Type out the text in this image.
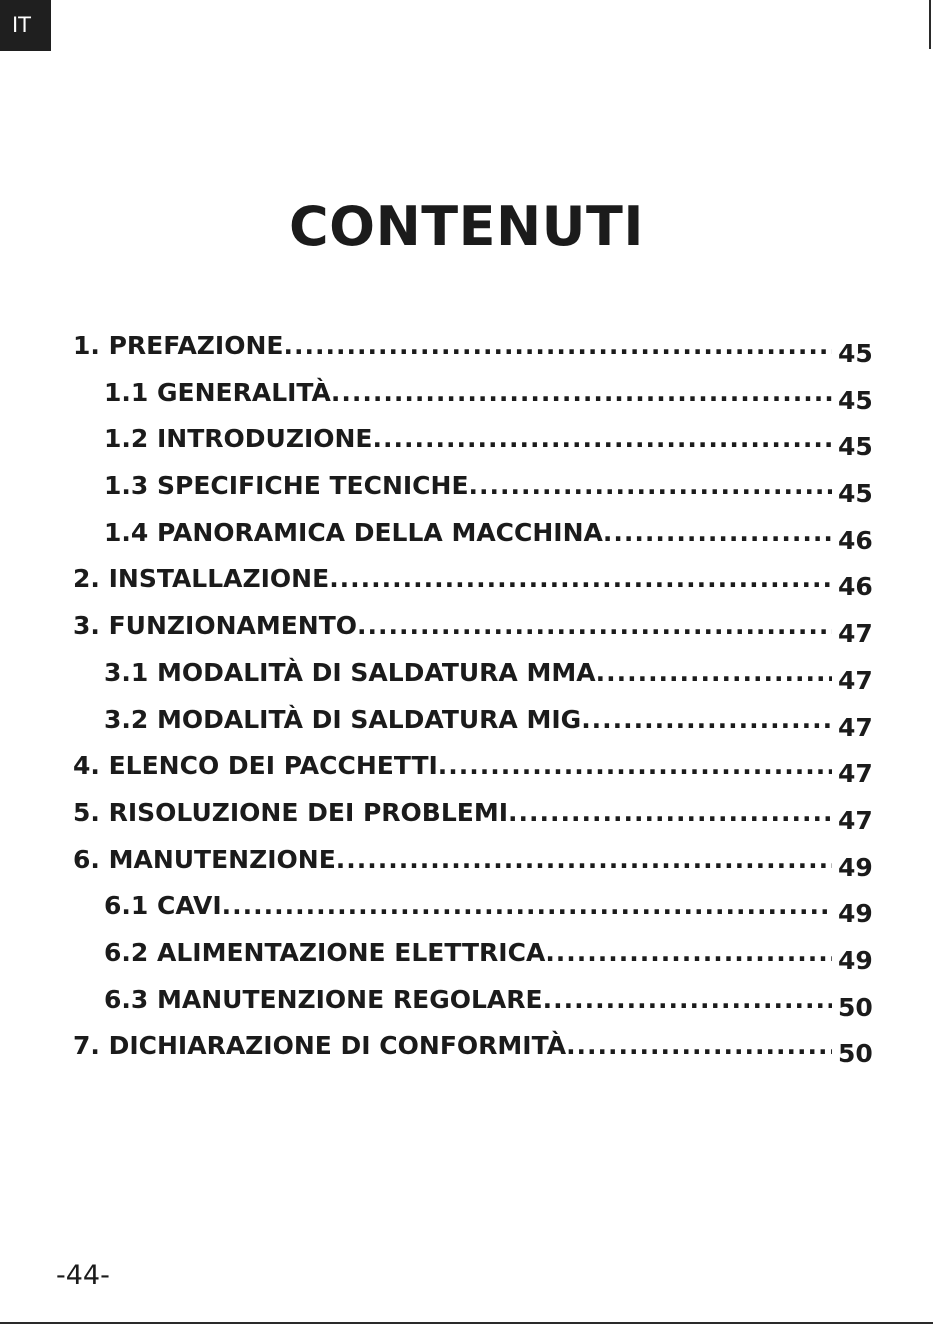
IT
CONTENUTI
1. PREFAZIONE .....	45
1.1 GENERALITÀ .....	45
1.2 INTRODUZIONE .....	45
1.3 SPECIFICHE TECNICHE .....	45
1.4 PANORAMICA DELLA MACCHINA .....	46
2. INSTALLAZIONE .....	46
3. FUNZIONAMENTO .....	47
3.1 MODALITÀ DI SALDATURA MMA .....	47
3.2 MODALITÀ DI SALDATURA MIG .....	47
4. ELENCO DEI PACCHETTI .....	47
5. RISOLUZIONE DEI PROBLEMI .....	47
6. MANUTENZIONE .....	49
6.1 CAVI .....	49
6.2 ALIMENTAZIONE ELETTRICA .....	49
6.3 MANUTENZIONE REGOLARE .....	50
7. DICHIARAZIONE DI CONFORMITÀ .....	50
-44-
